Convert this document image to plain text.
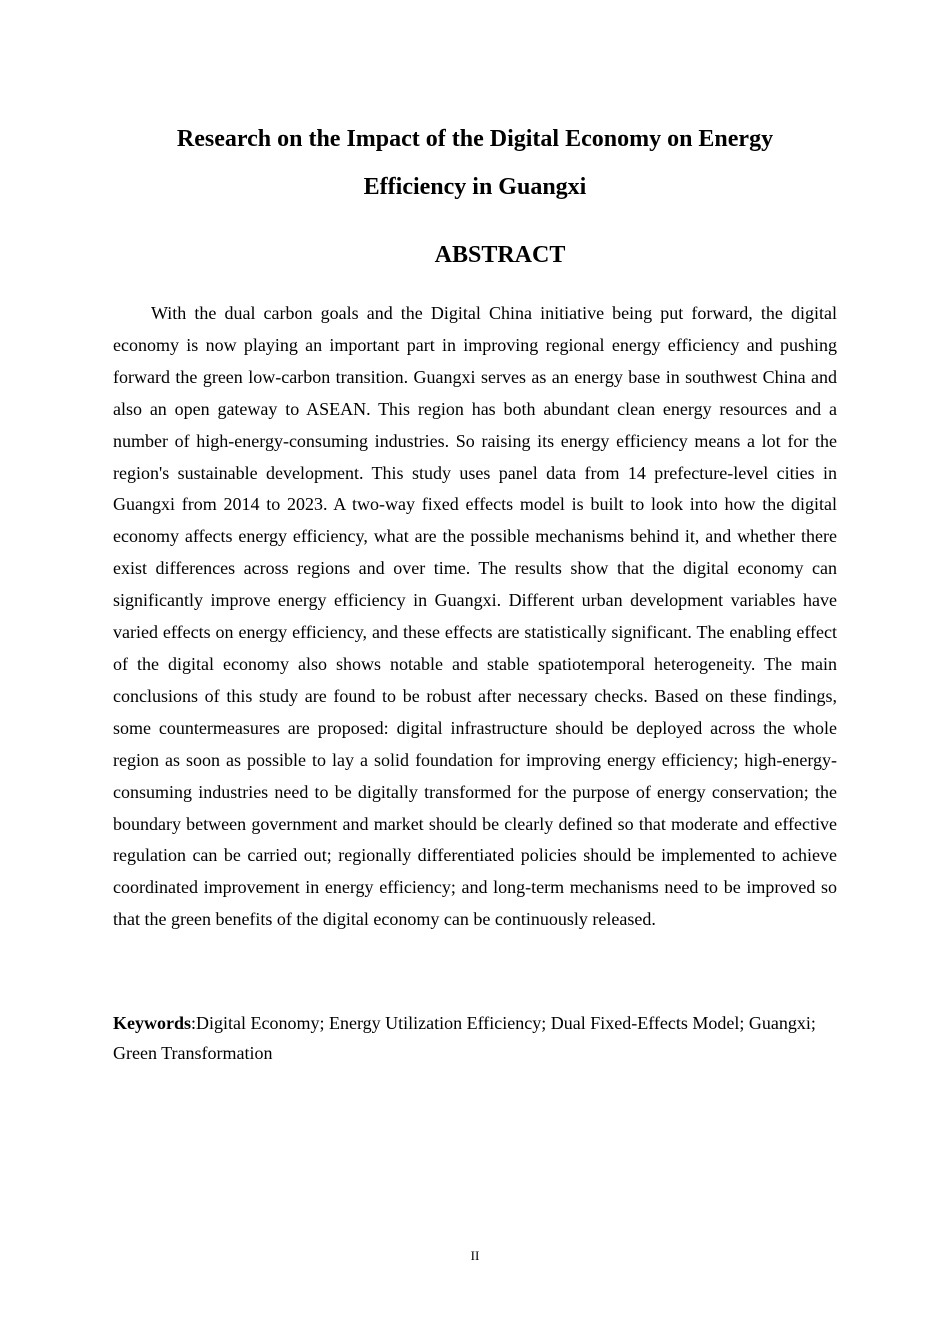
Research on the Impact of the Digital Economy on Energy
Efficiency in Guangxi
ABSTRACT

With the dual carbon goals and the Digital China initiative being put forward, the digital economy is now playing an important part in improving regional energy efficiency and pushing forward the green low-carbon transition. Guangxi serves as an energy base in southwest China and also an open gateway to ASEAN. This region has both abundant clean energy resources and a number of high-energy-consuming industries. So raising its energy efficiency means a lot for the region's sustainable development. This study uses panel data from 14 prefecture-level cities in Guangxi from 2014 to 2023. A two-way fixed effects model is built to look into how the digital economy affects energy efficiency, what are the possible mechanisms behind it, and whether there exist differences across regions and over time. The results show that the digital economy can significantly improve energy efficiency in Guangxi. Different urban development variables have varied effects on energy efficiency, and these effects are statistically significant. The enabling effect of the digital economy also shows notable and stable spatiotemporal heterogeneity. The main conclusions of this study are found to be robust after necessary checks. Based on these findings, some countermeasures are proposed: digital infrastructure should be deployed across the whole region as soon as possible to lay a solid foundation for improving energy efficiency; high-energy-consuming industries need to be digitally transformed for the purpose of energy conservation; the boundary between government and market should be clearly defined so that moderate and effective regulation can be carried out; regionally differentiated policies should be implemented to achieve coordinated improvement in energy efficiency; and long-term mechanisms need to be improved so that the green benefits of the digital economy can be continuously released.

Keywords:Digital Economy; Energy Utilization Efficiency; Dual Fixed-Effects Model; Guangxi; Green Transformation

II
